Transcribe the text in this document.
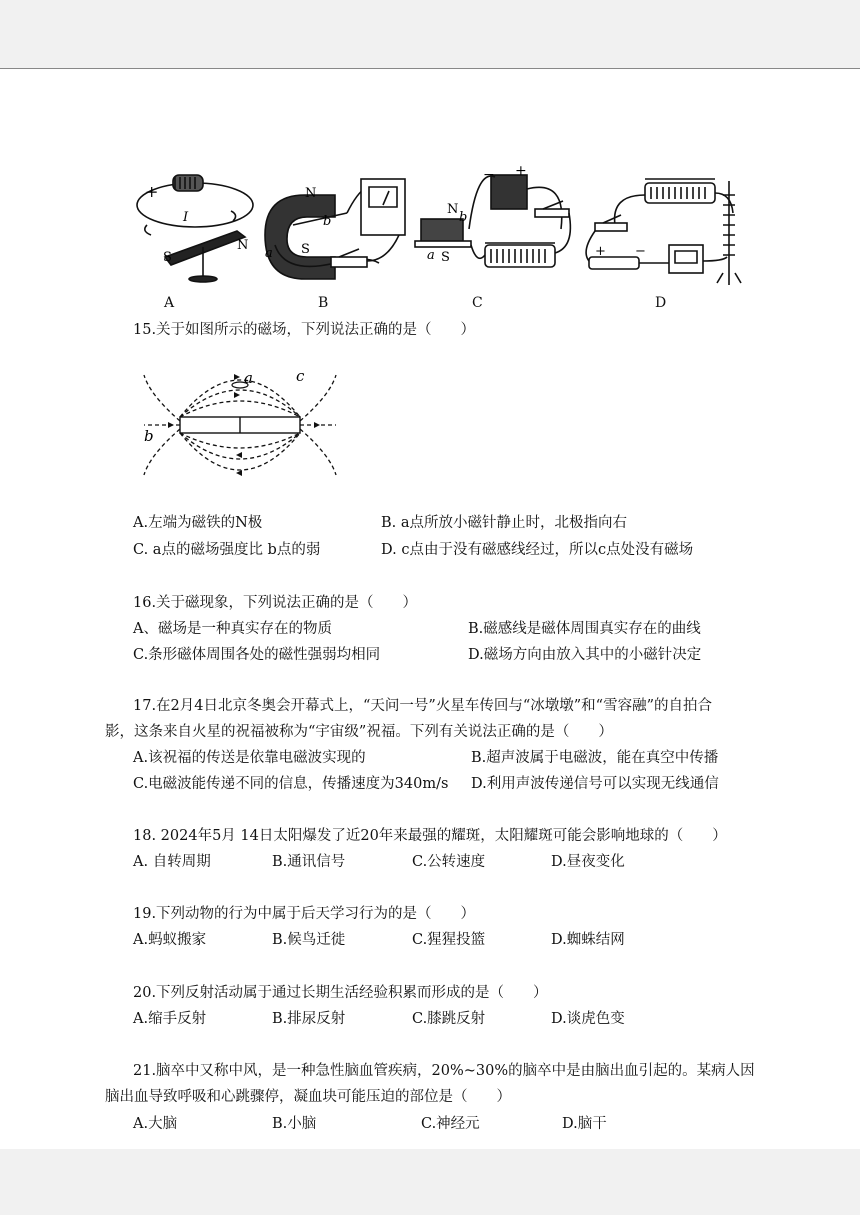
+
I
N
S
N
S
a
b
N
S
a
b
− +
+ −
A	B	C	D
15.关于如图所示的磁场，下列说法正确的是（　　）
a
b
c
A.左端为磁铁的N极	B. a点所放小磁针静止时，北极指向右
C. a点的磁场强度比 b点的弱	D. c点由于没有磁感线经过，所以c点处没有磁场
16.关于磁现象，下列说法正确的是（　　）
A、磁场是一种真实存在的物质	B.磁感线是磁体周围真实存在的曲线
C.条形磁体周围各处的磁性强弱均相同	D.磁场方向由放入其中的小磁针决定
17.在2月4日北京冬奥会开幕式上，“天问一号”火星车传回与“冰墩墩”和“雪容融”的自拍合
影，这条来自火星的祝福被称为“宇宙级”祝福。下列有关说法正确的是（　　）
A.该祝福的传送是依靠电磁波实现的	B.超声波属于电磁波，能在真空中传播
C.电磁波能传递不同的信息，传播速度为340m/s D.利用声波传递信号可以实现无线通信
18. 2024年5月 14日太阳爆发了近20年来最强的耀斑，太阳耀斑可能会影响地球的（　　）
A. 自转周期	B.通讯信号	C.公转速度	D.昼夜变化
19.下列动物的行为中属于后天学习行为的是（　　）
A.蚂蚁搬家	B.候鸟迁徙	C.猩猩投篮	D.蜘蛛结网
20.下列反射活动属于通过长期生活经验积累而形成的是（　　）
A.缩手反射	B.排尿反射	C.膝跳反射	D.谈虎色变
21.脑卒中又称中风，是一种急性脑血管疾病，20%~30%的脑卒中是由脑出血引起的。某病人因
脑出血导致呼吸和心跳骤停，凝血块可能压迫的部位是（　　）
A.大脑	B.小脑	C.神经元	D.脑干
